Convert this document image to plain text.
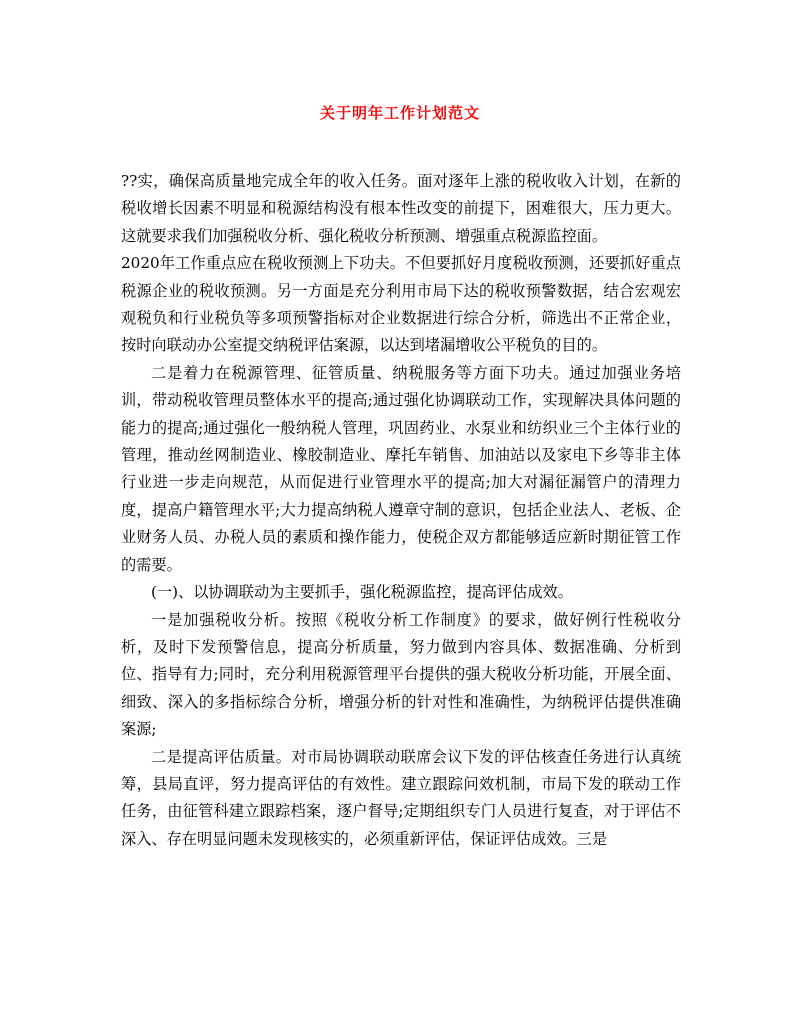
关于明年工作计划范文

??实，确保高质量地完成全年的收入任务。面对逐年上涨的税收收入计划，在新的税收增长因素不明显和税源结构没有根本性改变的前提下，困难很大，压力更大。这就要求我们加强税收分析、强化税收分析预测、增强重点税源监控面。

2020年工作重点应在税收预测上下功夫。不但要抓好月度税收预测，还要抓好重点税源企业的税收预测。另一方面是充分利用市局下达的税收预警数据，结合宏观宏观税负和行业税负等多项预警指标对企业数据进行综合分析，筛选出不正常企业，按时向联动办公室提交纳税评估案源，以达到堵漏增收公平税负的目的。

二是着力在税源管理、征管质量、纳税服务等方面下功夫。通过加强业务培训，带动税收管理员整体水平的提高;通过强化协调联动工作，实现解决具体问题的能力的提高;通过强化一般纳税人管理，巩固药业、水泵业和纺织业三个主体行业的管理，推动丝网制造业、橡胶制造业、摩托车销售、加油站以及家电下乡等非主体行业进一步走向规范，从而促进行业管理水平的提高;加大对漏征漏管户的清理力度，提高户籍管理水平;大力提高纳税人遵章守制的意识，包括企业法人、老板、企业财务人员、办税人员的素质和操作能力，使税企双方都能够适应新时期征管工作的需要。

(一)、以协调联动为主要抓手，强化税源监控，提高评估成效。

一是加强税收分析。按照《税收分析工作制度》的要求，做好例行性税收分析，及时下发预警信息，提高分析质量，努力做到内容具体、数据准确、分析到位、指导有力;同时，充分利用税源管理平台提供的强大税收分析功能，开展全面、细致、深入的多指标综合分析，增强分析的针对性和准确性，为纳税评估提供准确案源;

二是提高评估质量。对市局协调联动联席会议下发的评估核查任务进行认真统筹，县局直评，努力提高评估的有效性。建立跟踪问效机制，市局下发的联动工作任务，由征管科建立跟踪档案，逐户督导;定期组织专门人员进行复查，对于评估不深入、存在明显问题未发现核实的，必须重新评估，保证评估成效。三是
